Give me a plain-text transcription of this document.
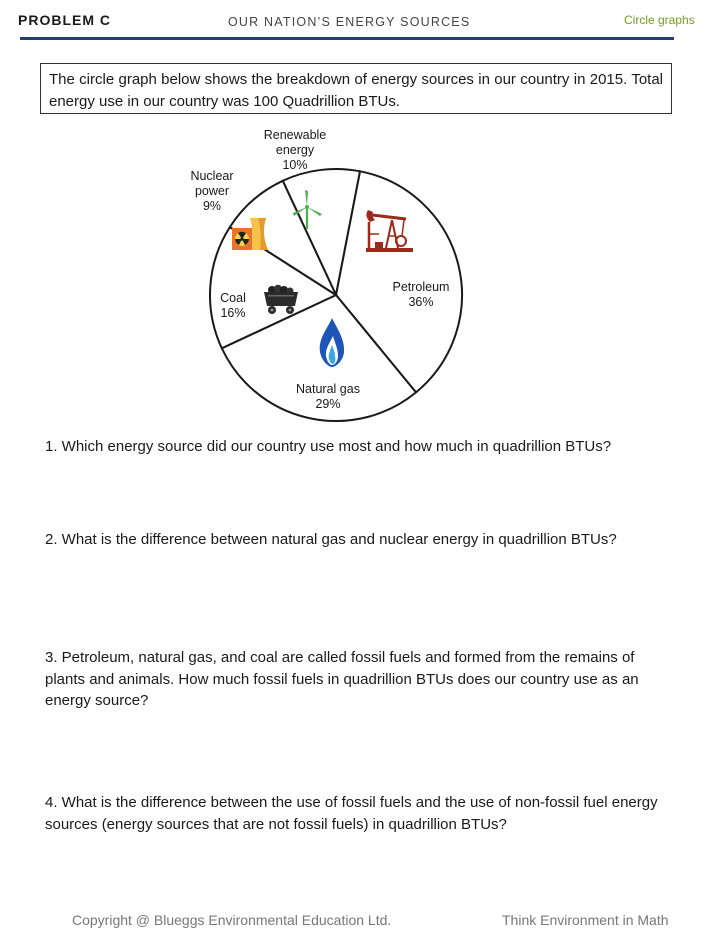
PROBLEM C	OUR NATION’S ENERGY SOURCES	Circle graphs
The circle graph below shows the breakdown of energy sources in our country in 2015. Total energy use in our country was 100 Quadrillion BTUs.
Renewable energy 10%
Petroleum 36%
Natural gas 29%
Coal 16%
Nuclear power 9%
1. Which energy source did our country use most and how much in quadrillion BTUs?
2. What is the difference between natural gas and nuclear energy in quadrillion BTUs?
3. Petroleum, natural gas, and coal are called fossil fuels and formed from the remains of plants and animals. How much fossil fuels in quadrillion BTUs does our country use as an energy source?
4. What is the difference between the use of fossil fuels and the use of non-fossil fuel energy sources (energy sources that are not fossil fuels) in quadrillion BTUs?
Copyright @ Blueggs Environmental Education Ltd.	Think Environment in Math
